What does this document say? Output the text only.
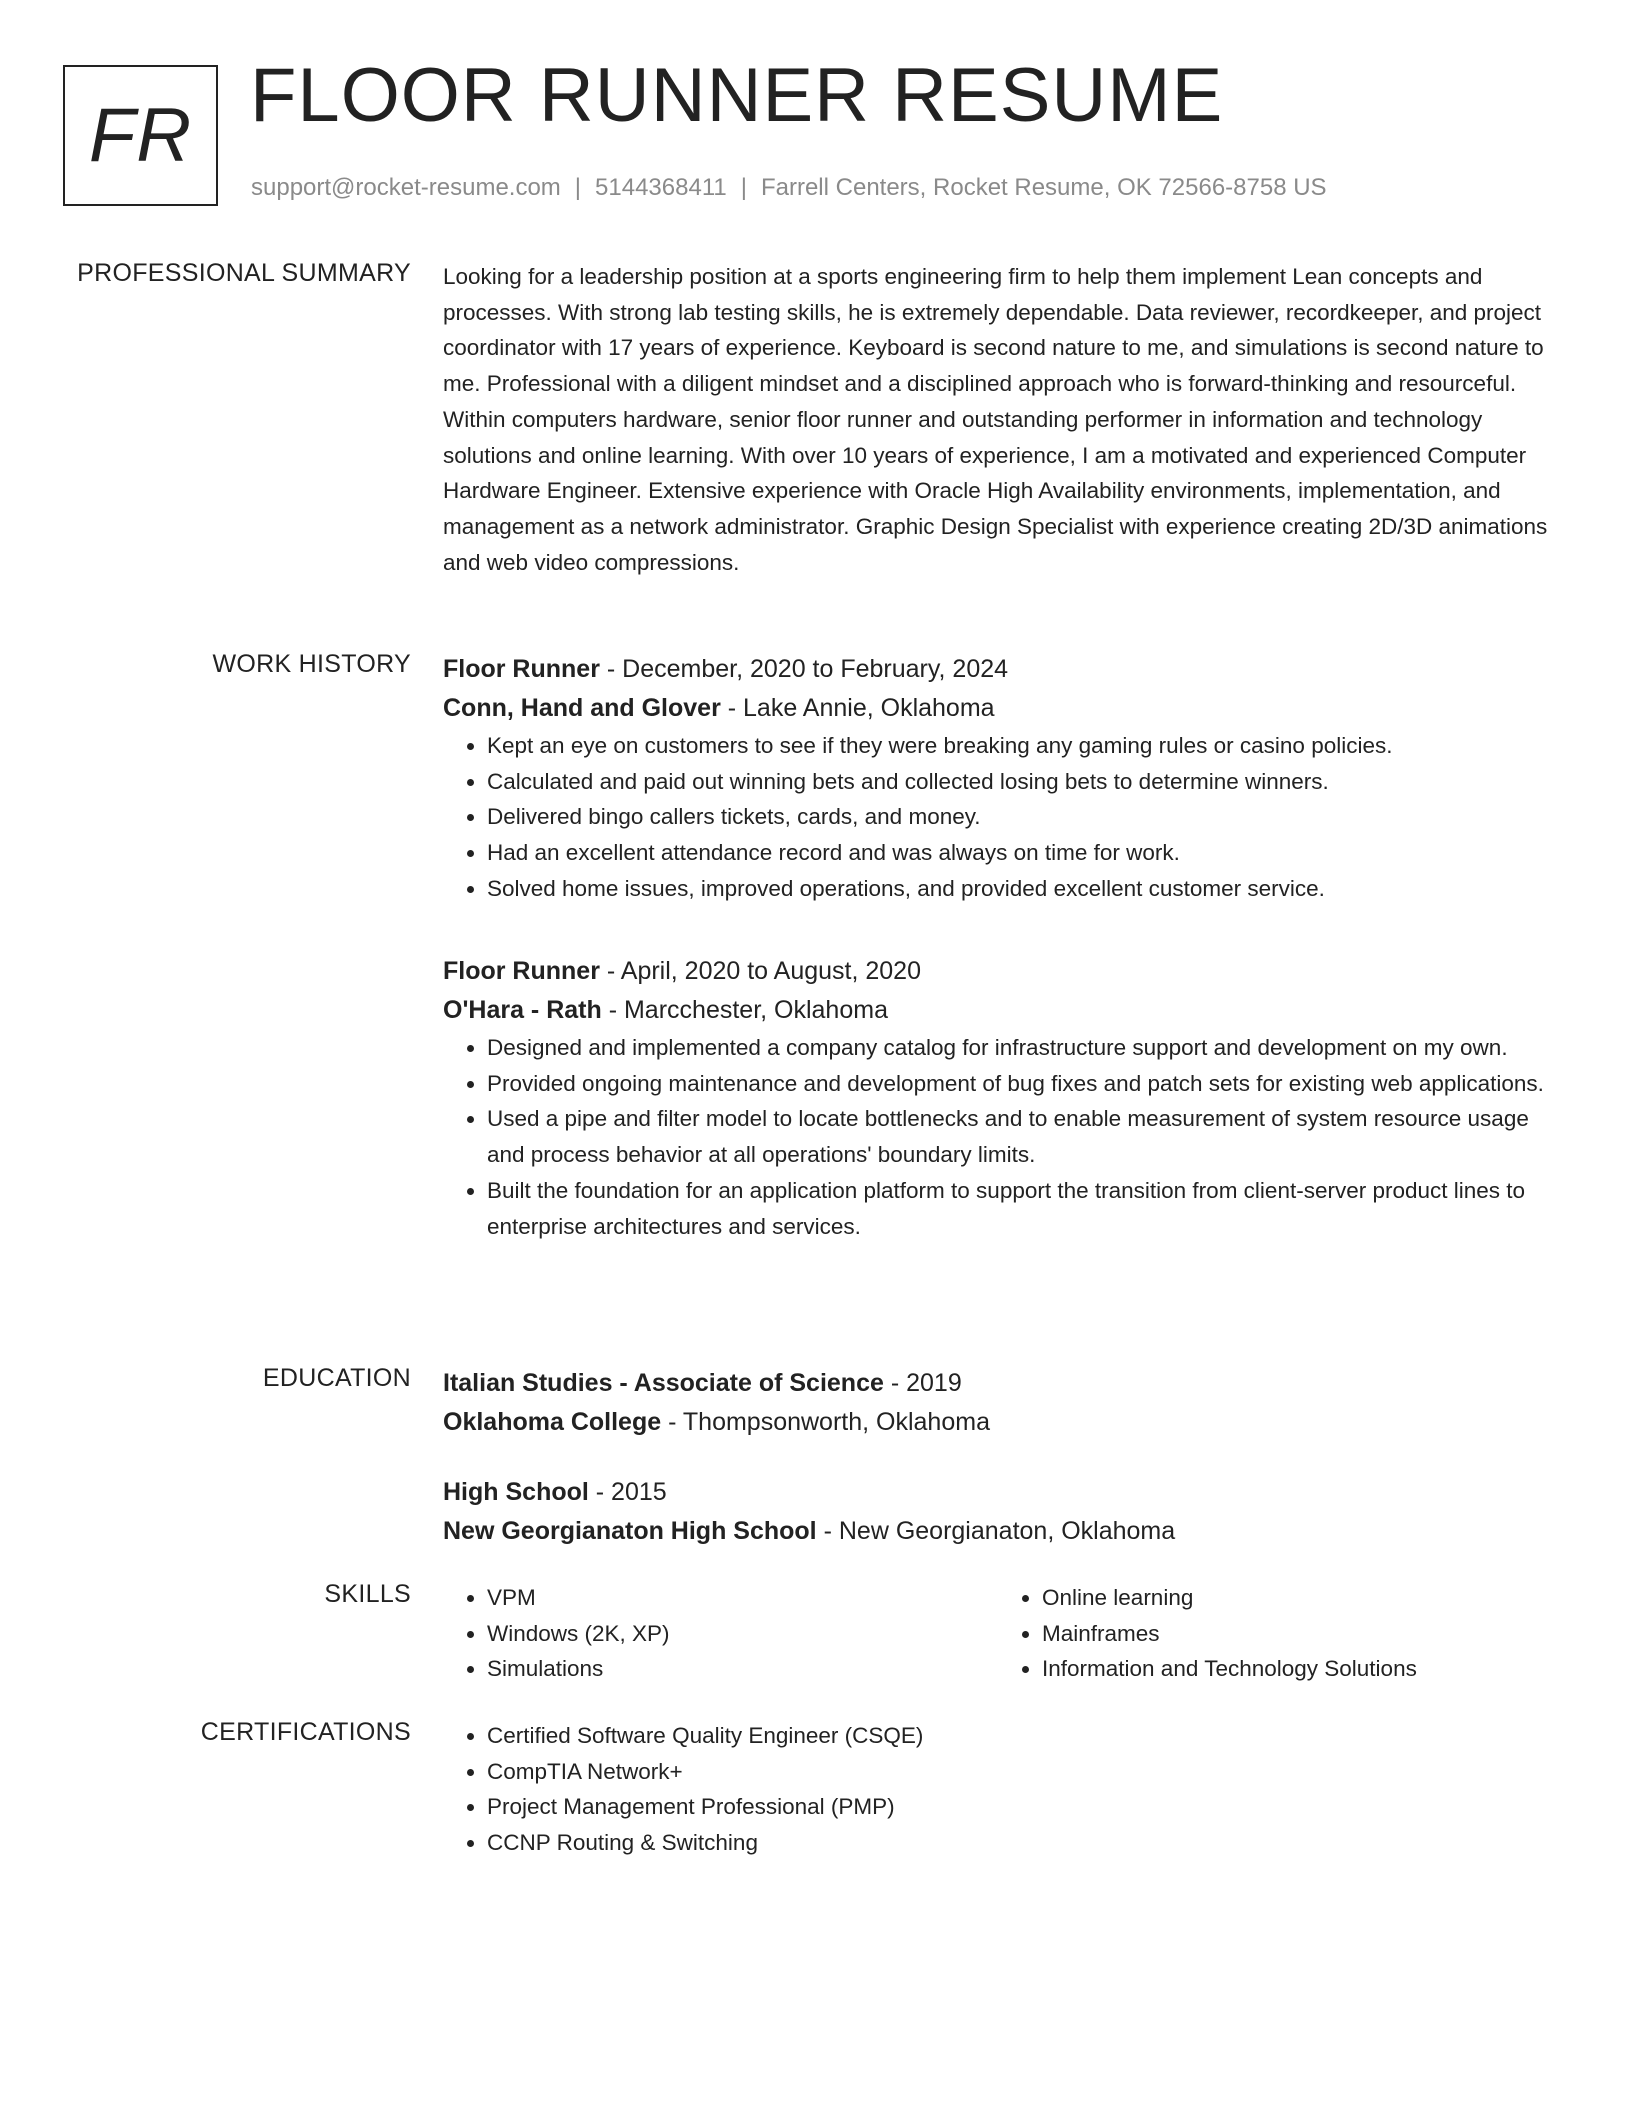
FR FLOOR RUNNER RESUME
support@rocket-resume.com | 5144368411 | Farrell Centers, Rocket Resume, OK 72566-8758 US
PROFESSIONAL SUMMARY Looking for a leadership position at a sports engineering firm to help them implement Lean concepts and processes. With strong lab testing skills, he is extremely dependable. Data reviewer, recordkeeper, and project coordinator with 17 years of experience. Keyboard is second nature to me, and simulations is second nature to me. Professional with a diligent mindset and a disciplined approach who is forward-thinking and resourceful. Within computers hardware, senior floor runner and outstanding performer in information and technology solutions and online learning. With over 10 years of experience, I am a motivated and experienced Computer Hardware Engineer. Extensive experience with Oracle High Availability environments, implementation, and management as a network administrator. Graphic Design Specialist with experience creating 2D/3D animations and web video compressions.

WORK HISTORY Floor Runner - December, 2020 to February, 2024

Conn, Hand and Glover - Lake Annie, Oklahoma

• Kept an eye on customers to see if they were breaking any gaming rules or casino policies.
• Calculated and paid out winning bets and collected losing bets to determine winners.
• Delivered bingo callers tickets, cards, and money.
• Had an excellent attendance record and was always on time for work.
• Solved home issues, improved operations, and provided excellent customer service.

Floor Runner - April, 2020 to August, 2020

O'Hara - Rath - Marcchester, Oklahoma

• Designed and implemented a company catalog for infrastructure support and development on my own.
• Provided ongoing maintenance and development of bug fixes and patch sets for existing web applications.
• Used a pipe and filter model to locate bottlenecks and to enable measurement of system resource usage and process behavior at all operations' boundary limits.
• Built the foundation for an application platform to support the transition from client-server product lines to enterprise architectures and services.
EDUCATION Italian Studies - Associate of Science - 2019

Oklahoma College - Thompsonworth, Oklahoma

High School - 2015

New Georgianaton High School - New Georgianaton, Oklahoma

SKILLS	• VPM
• Windows (2K, XP)
• Simulations
• Online learning
• Mainframes
• Information and Technology Solutions
CERTIFICATIONS	• Certified Software Quality Engineer (CSQE)
• CompTIA Network+
• Project Management Professional (PMP)
• CCNP Routing & Switching
